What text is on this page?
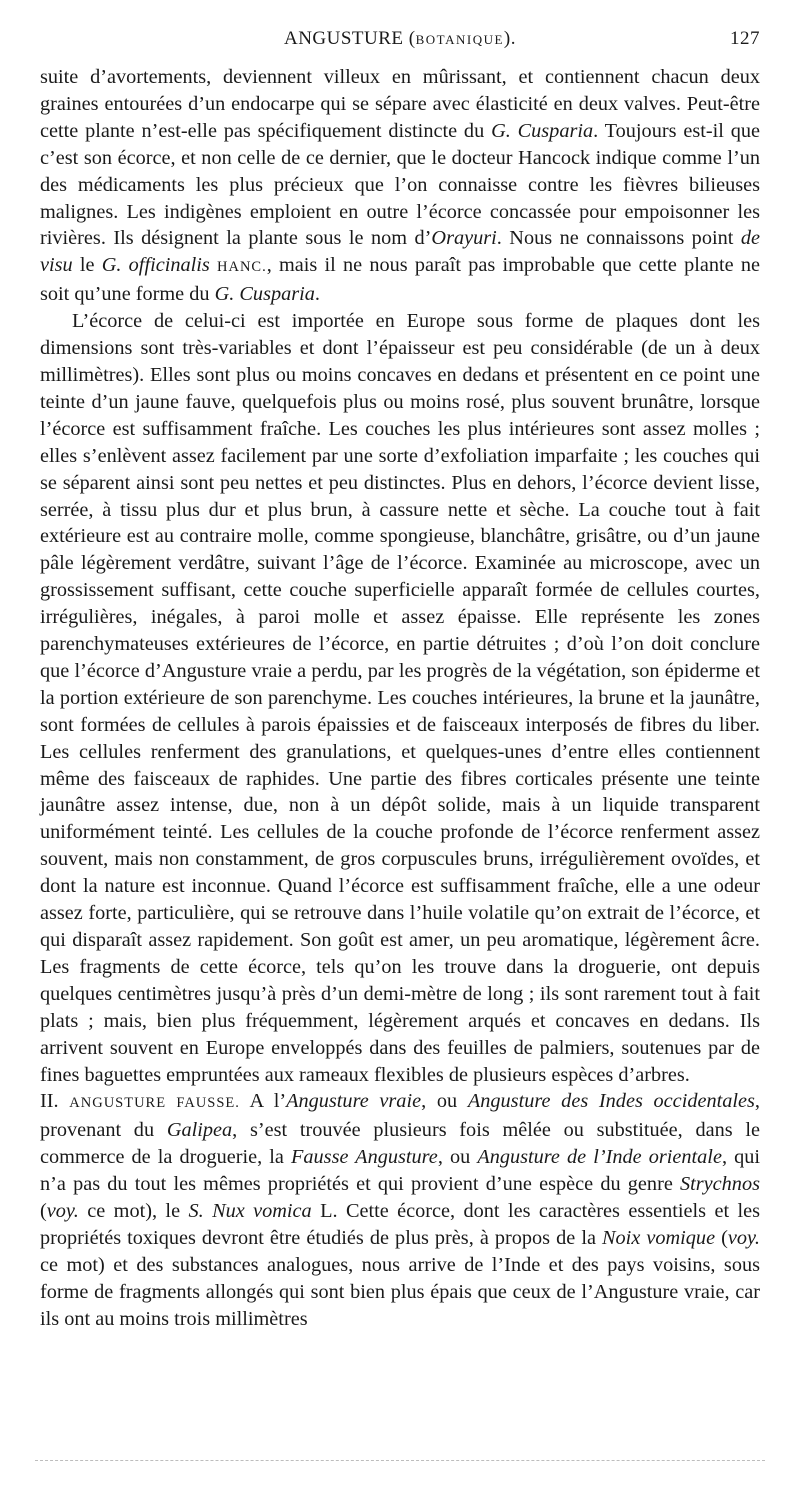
ANGUSTURE (BOTANIQUE).	127

suite d’avortements, deviennent villeux en mûrissant, et contiennent chacun deux graines entourées d’un endocarpe qui se sépare avec élasticité en deux valves. Peut-être cette plante n’est-elle pas spécifiquement distincte du G. Cusparia. Toujours est-il que c’est son écorce, et non celle de ce dernier, que le docteur Hancock indique comme l’un des médicaments les plus précieux que l’on connaisse contre les fièvres bilieuses malignes. Les indigènes emploient en outre l’écorce concassée pour empoisonner les rivières. Ils désignent la plante sous le nom d’Orayuri. Nous ne connaissons point de visu le G. officinalis HANC., mais il ne nous paraît pas improbable que cette plante ne soit qu’une forme du G. Cusparia.

L’écorce de celui-ci est importée en Europe sous forme de plaques dont les dimensions sont très-variables et dont l’épaisseur est peu considérable (de un à deux millimètres). Elles sont plus ou moins concaves en dedans et présentent en ce point une teinte d’un jaune fauve, quelquefois plus ou moins rosé, plus souvent brunâtre, lorsque l’écorce est suffisamment fraîche. Les couches les plus intérieures sont assez molles ; elles s’enlèvent assez facilement par une sorte d’exfoliation imparfaite ; les couches qui se séparent ainsi sont peu nettes et peu distinctes. Plus en dehors, l’écorce devient lisse, serrée, à tissu plus dur et plus brun, à cassure nette et sèche. La couche tout à fait extérieure est au contraire molle, comme spongieuse, blanchâtre, grisâtre, ou d’un jaune pâle légèrement verdâtre, suivant l’âge de l’écorce. Examinée au microscope, avec un grossissement suffisant, cette couche superficielle apparaît formée de cellules courtes, irrégulières, inégales, à paroi molle et assez épaisse. Elle représente les zones parenchymateuses extérieures de l’écorce, en partie détruites ; d’où l’on doit conclure que l’écorce d’Angusture vraie a perdu, par les progrès de la végétation, son épiderme et la portion extérieure de son parenchyme. Les couches intérieures, la brune et la jaunâtre, sont formées de cellules à parois épaissies et de faisceaux interposés de fibres du liber. Les cellules renferment des granulations, et quelques-unes d’entre elles contiennent même des faisceaux de raphides. Une partie des fibres corticales présente une teinte jaunâtre assez intense, due, non à un dépôt solide, mais à un liquide transparent uniformément teinté. Les cellules de la couche profonde de l’écorce renferment assez souvent, mais non constamment, de gros corpuscules bruns, irrégulièrement ovoïdes, et dont la nature est inconnue. Quand l’écorce est suffisamment fraîche, elle a une odeur assez forte, particulière, qui se retrouve dans l’huile volatile qu’on extrait de l’écorce, et qui disparaît assez rapidement. Son goût est amer, un peu aromatique, légèrement âcre. Les fragments de cette écorce, tels qu’on les trouve dans la droguerie, ont depuis quelques centimètres jusqu’à près d’un demi-mètre de long ; ils sont rarement tout à fait plats ; mais, bien plus fréquemment, légèrement arqués et concaves en dedans. Ils arrivent souvent en Europe enveloppés dans des feuilles de palmiers, soutenues par de fines baguettes empruntées aux rameaux flexibles de plusieurs espèces d’arbres.

II. ANGUSTURE FAUSSE. A l’Angusture vraie, ou Angusture des Indes occidentales, provenant du Galipea, s’est trouvée plusieurs fois mêlée ou substituée, dans le commerce de la droguerie, la Fausse Angusture, ou Angusture de l’Inde orientale, qui n’a pas du tout les mêmes propriétés et qui provient d’une espèce du genre Strychnos (voy. ce mot), le S. Nux vomica L. Cette écorce, dont les caractères essentiels et les propriétés toxiques devront être étudiés de plus près, à propos de la Noix vomique (voy. ce mot) et des substances analogues, nous arrive de l’Inde et des pays voisins, sous forme de fragments allongés qui sont bien plus épais que ceux de l’Angusture vraie, car ils ont au moins trois millimètres
